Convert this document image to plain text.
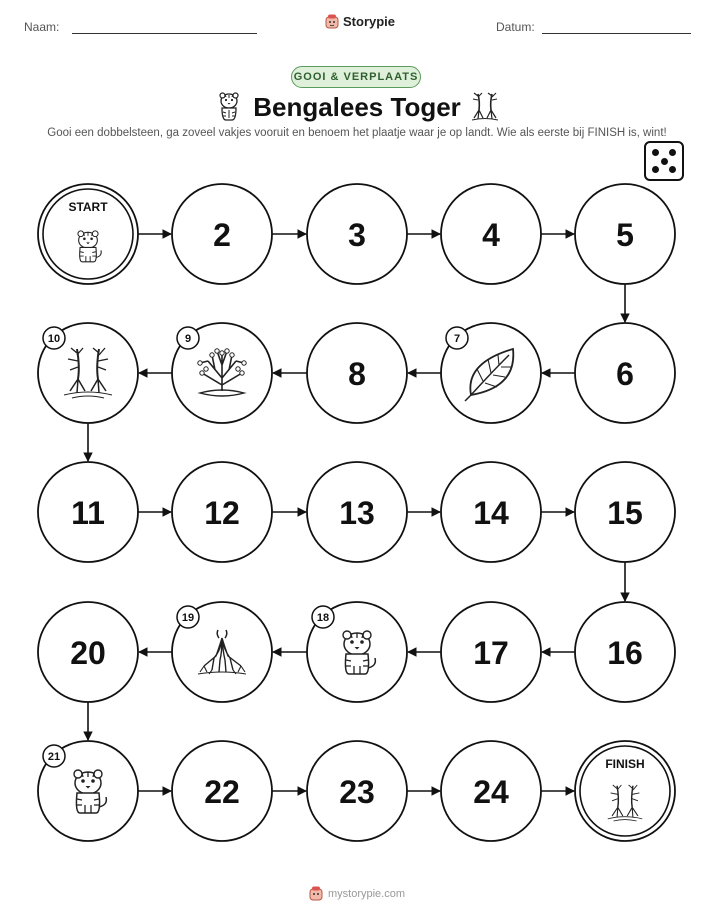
Naam:	Storypie	Datum:
GOOI & VERPLAATS
Bengalees Toger
Gooi een dobbelsteen, ga zoveel vakjes vooruit en benoem het plaatje waar je op landt. Wie als eerste bij FINISH is, wint!
START
2	3	4	5
6
7
8
9
10
11	12	13	14	15
16
17
18
19
20
21
22	23	24
FINISH
mystorypie.com
